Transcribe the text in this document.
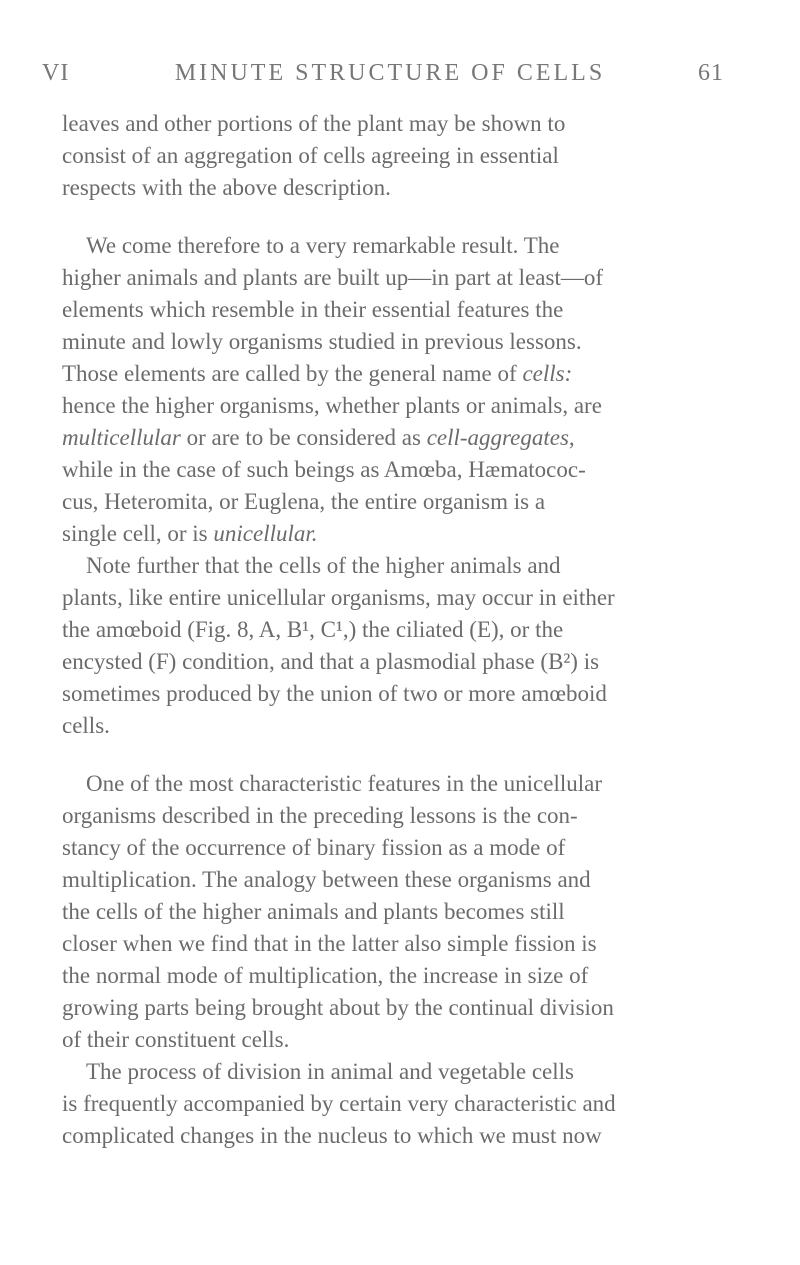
VI	MINUTE STRUCTURE OF CELLS	61

leaves and other portions of the plant may be shown to
consist of an aggregation of cells agreeing in essential
respects with the above description.

We come therefore to a very remarkable result. The
higher animals and plants are built up—in part at least—of
elements which resemble in their essential features the
minute and lowly organisms studied in previous lessons.
Those elements are called by the general name of cells:
hence the higher organisms, whether plants or animals, are
multicellular or are to be considered as cell-aggregates,
while in the case of such beings as Amœba, Hæmatococ-
cus, Heteromita, or Euglena, the entire organism is a
single cell, or is unicellular.

Note further that the cells of the higher animals and
plants, like entire unicellular organisms, may occur in either
the amœboid (Fig. 8, A, B¹, C¹,) the ciliated (E), or the
encysted (F) condition, and that a plasmodial phase (B²) is
sometimes produced by the union of two or more amœboid
cells.

One of the most characteristic features in the unicellular
organisms described in the preceding lessons is the con-
stancy of the occurrence of binary fission as a mode of
multiplication. The analogy between these organisms and
the cells of the higher animals and plants becomes still
closer when we find that in the latter also simple fission is
the normal mode of multiplication, the increase in size of
growing parts being brought about by the continual division
of their constituent cells.

The process of division in animal and vegetable cells
is frequently accompanied by certain very characteristic and
complicated changes in the nucleus to which we must now
